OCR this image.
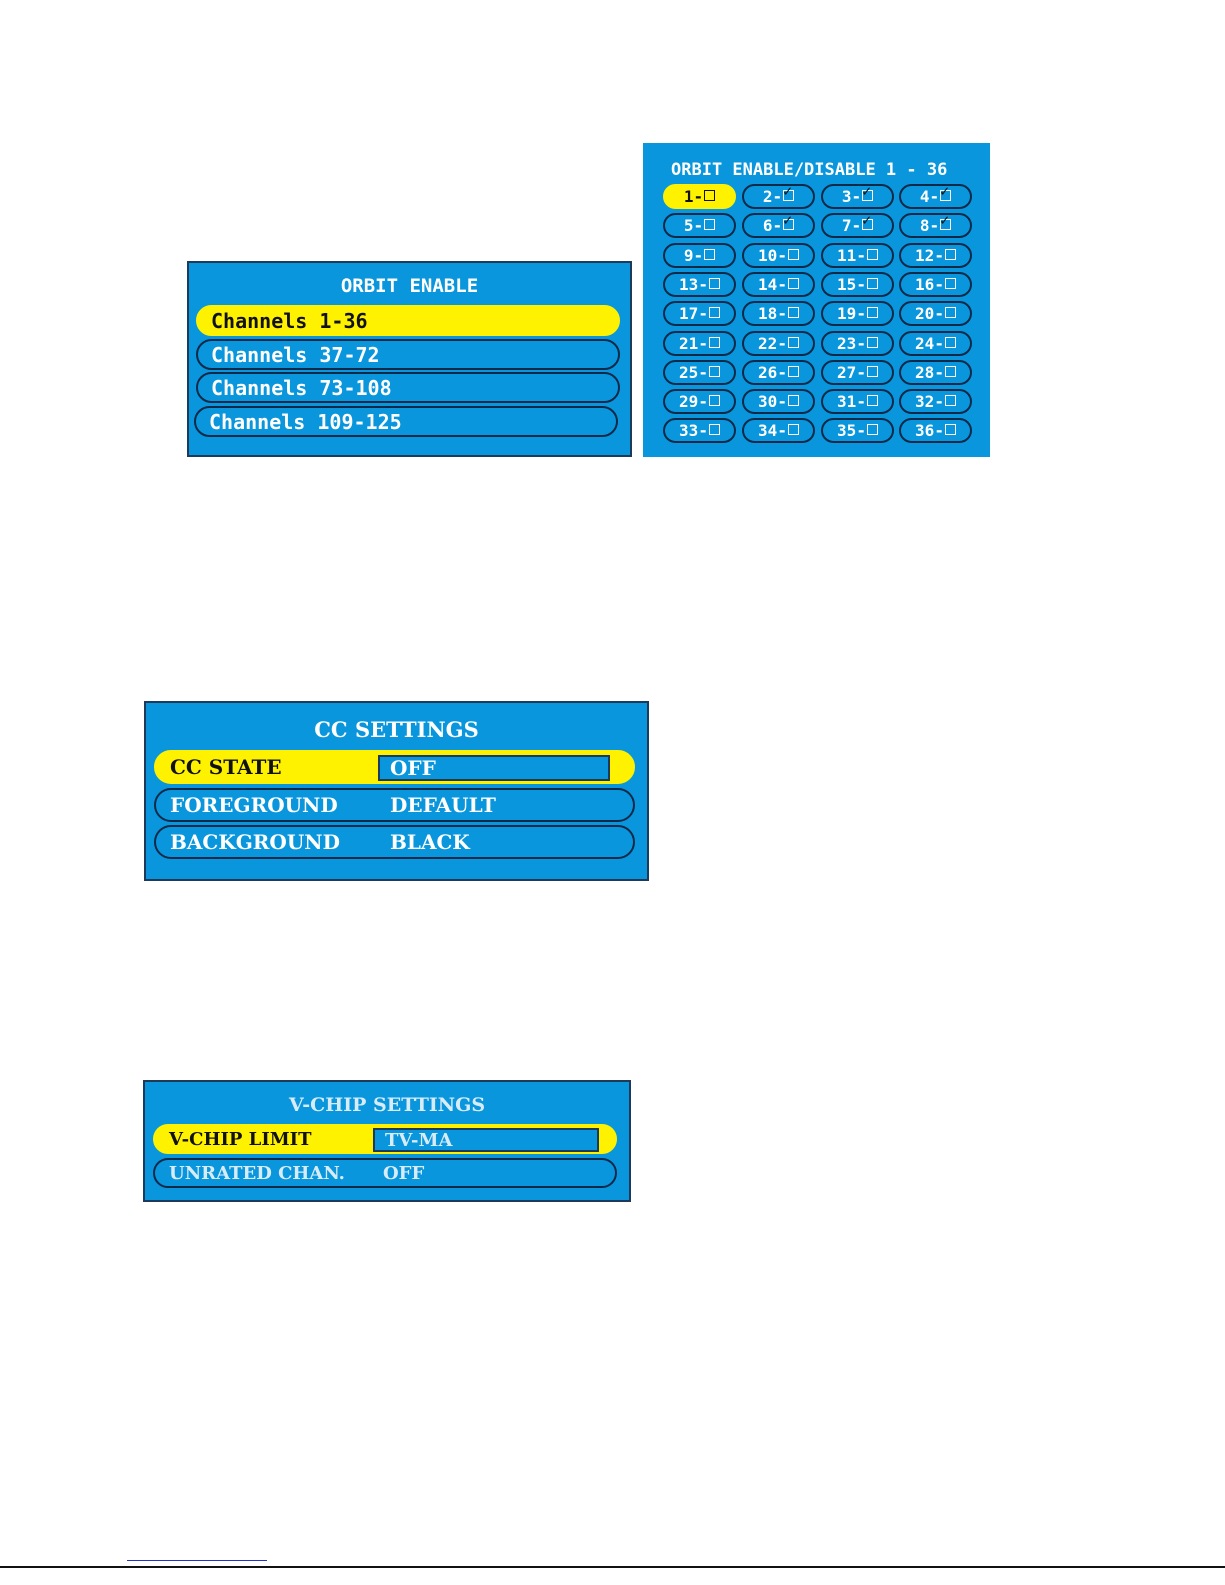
ORBIT ENABLE
Channels 1-36
Channels 37-72
Channels 73-108
Channels 109-125
ORBIT ENABLE/DISABLE 1 - 36
1-	2- ✓	3- ✓	4- ✓
5-	6- ✓	7- ✓	8- ✓
9-	10-	11-	12-
13-	14-	15-	16-
17-	18-	19-	20-
21-	22-	23-	24-
25-	26-	27-	28-
29-	30-	31-	32-
33-	34-	35-	36-
CC SETTINGS
CC STATE	OFF
FOREGROUND	DEFAULT
BACKGROUND	BLACK
V-CHIP SETTINGS
V-CHIP LIMIT	TV-MA
UNRATED CHAN. OFF
